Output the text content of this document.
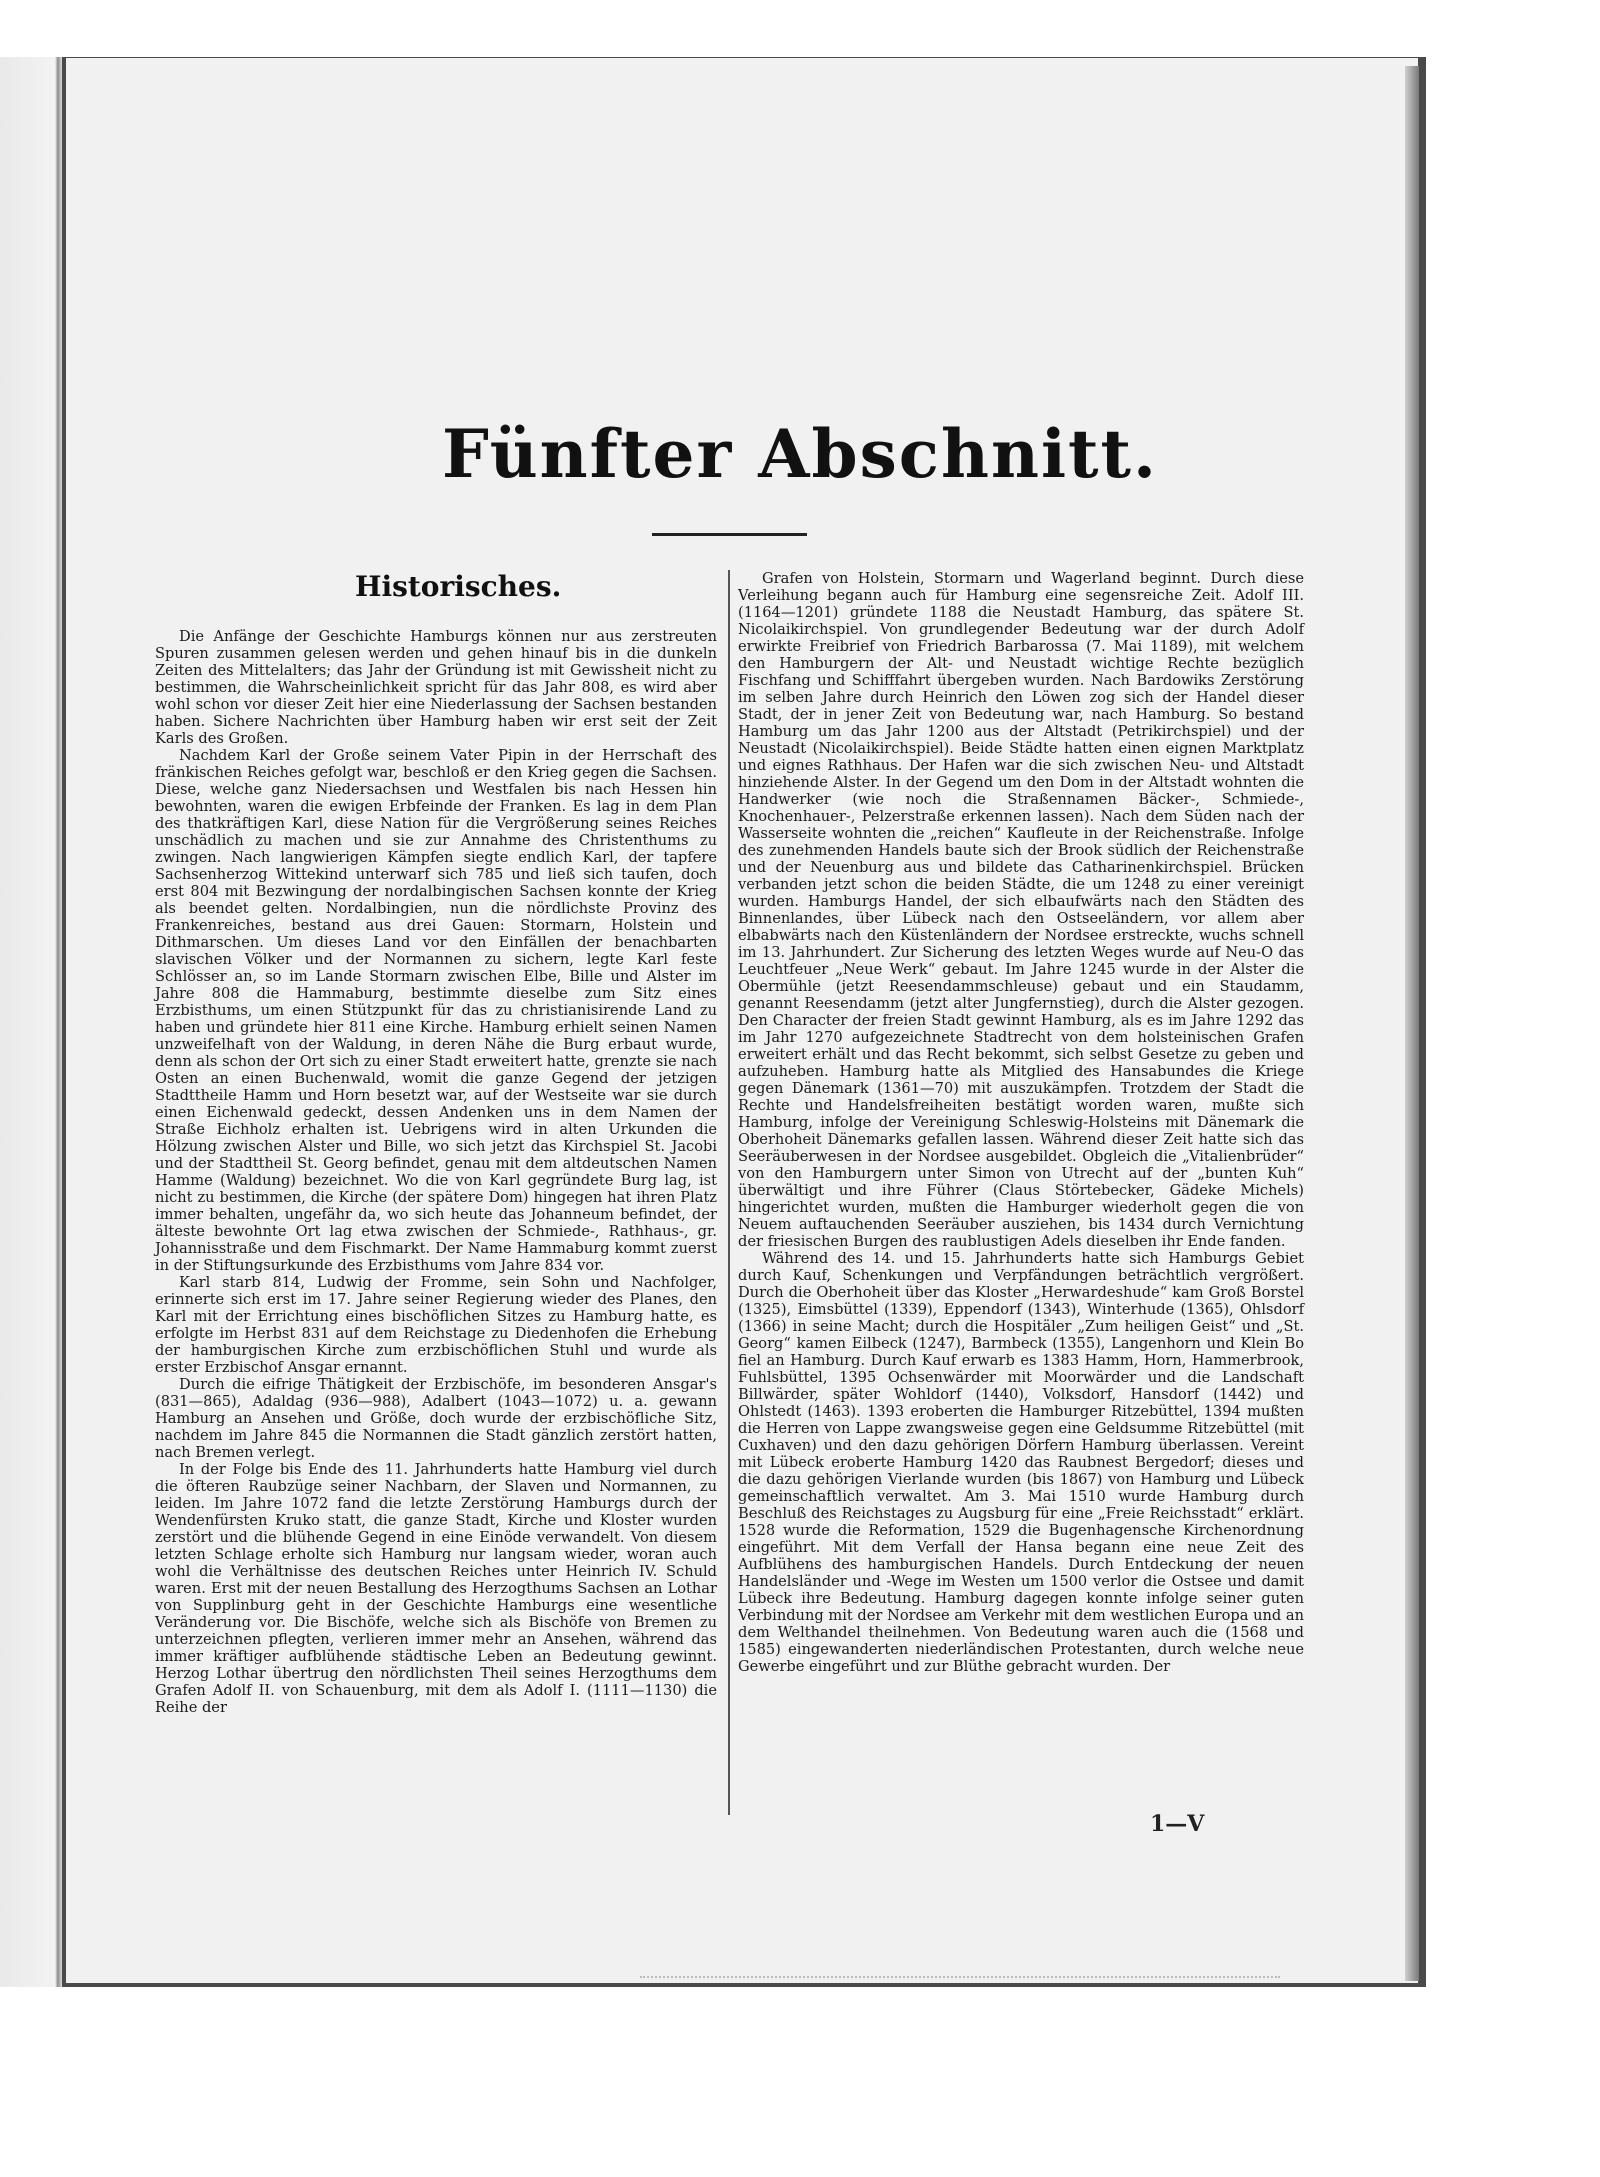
Fünfter Abschnitt.
Historisches.

Die Anfänge der Geschichte Hamburgs können nur aus zerstreuten Spuren zusammen gelesen werden und gehen hinauf bis in die dunkeln Zeiten des Mittelalters; das Jahr der Gründung ist mit Gewissheit nicht zu bestimmen, die Wahrscheinlichkeit spricht für das Jahr 808, es wird aber wohl schon vor dieser Zeit hier eine Niederlassung der Sachsen bestanden haben. Sichere Nachrichten über Hamburg haben wir erst seit der Zeit Karls des Großen.

Nachdem Karl der Große seinem Vater Pipin in der Herrschaft des fränkischen Reiches gefolgt war, beschloß er den Krieg gegen die Sachsen. Diese, welche ganz Niedersachsen und Westfalen bis nach Hessen hin bewohnten, waren die ewigen Erbfeinde der Franken. Es lag in dem Plan des thatkräftigen Karl, diese Nation für die Vergrößerung seines Reiches unschädlich zu machen und sie zur Annahme des Christenthums zu zwingen. Nach langwierigen Kämpfen siegte endlich Karl, der tapfere Sachsenherzog Wittekind unterwarf sich 785 und ließ sich taufen, doch erst 804 mit Bezwingung der nordalbingischen Sachsen konnte der Krieg als beendet gelten. Nordalbingien, nun die nördlichste Provinz des Frankenreiches, bestand aus drei Gauen: Stormarn, Holstein und Dithmarschen. Um dieses Land vor den Einfällen der benachbarten slavischen Völker und der Normannen zu sichern, legte Karl feste Schlösser an, so im Lande Stormarn zwischen Elbe, Bille und Alster im Jahre 808 die Hammaburg, bestimmte dieselbe zum Sitz eines Erzbisthums, um einen Stützpunkt für das zu christianisirende Land zu haben und gründete hier 811 eine Kirche. Hamburg erhielt seinen Namen unzweifelhaft von der Waldung, in deren Nähe die Burg erbaut wurde, denn als schon der Ort sich zu einer Stadt erweitert hatte, grenzte sie nach Osten an einen Buchenwald, womit die ganze Gegend der jetzigen Stadttheile Hamm und Horn besetzt war, auf der Westseite war sie durch einen Eichenwald gedeckt, dessen Andenken uns in dem Namen der Straße Eichholz erhalten ist. Uebrigens wird in alten Urkunden die Hölzung zwischen Alster und Bille, wo sich jetzt das Kirchspiel St. Jacobi und der Stadttheil St. Georg befindet, genau mit dem altdeutschen Namen Hamme (Waldung) bezeichnet. Wo die von Karl gegründete Burg lag, ist nicht zu bestimmen, die Kirche (der spätere Dom) hingegen hat ihren Platz immer behalten, ungefähr da, wo sich heute das Johanneum befindet, der älteste bewohnte Ort lag etwa zwischen der Schmiede-, Rathhaus-, gr. Johannisstraße und dem Fischmarkt. Der Name Hammaburg kommt zuerst in der Stiftungsurkunde des Erzbisthums vom Jahre 834 vor.

Karl starb 814, Ludwig der Fromme, sein Sohn und Nachfolger, erinnerte sich erst im 17. Jahre seiner Regierung wieder des Planes, den Karl mit der Errichtung eines bischöflichen Sitzes zu Hamburg hatte, es erfolgte im Herbst 831 auf dem Reichstage zu Diedenhofen die Erhebung der hamburgischen Kirche zum erzbischöflichen Stuhl und wurde als erster Erzbischof Ansgar ernannt.

Durch die eifrige Thätigkeit der Erzbischöfe, im besonderen Ansgar's (831—865), Adaldag (936—988), Adalbert (1043—1072) u. a. gewann Hamburg an Ansehen und Größe, doch wurde der erzbischöfliche Sitz, nachdem im Jahre 845 die Normannen die Stadt gänzlich zerstört hatten, nach Bremen verlegt.

In der Folge bis Ende des 11. Jahrhunderts hatte Hamburg viel durch die öfteren Raubzüge seiner Nachbarn, der Slaven und Normannen, zu leiden. Im Jahre 1072 fand die letzte Zerstörung Hamburgs durch der Wendenfürsten Kruko statt, die ganze Stadt, Kirche und Kloster wurden zerstört und die blühende Gegend in eine Einöde verwandelt. Von diesem letzten Schlage erholte sich Hamburg nur langsam wieder, woran auch wohl die Verhältnisse des deutschen Reiches unter Heinrich IV. Schuld waren. Erst mit der neuen Bestallung des Herzogthums Sachsen an Lothar von Supplinburg geht in der Geschichte Hamburgs eine wesentliche Veränderung vor. Die Bischöfe, welche sich als Bischöfe von Bremen zu unterzeichnen pflegten, verlieren immer mehr an Ansehen, während das immer kräftiger aufblühende städtische Leben an Bedeutung gewinnt. Herzog Lothar übertrug den nördlichsten Theil seines Herzogthums dem Grafen Adolf II. von Schauenburg, mit dem als Adolf I. (1111—1130) die Reihe der

Grafen von Holstein, Stormarn und Wagerland beginnt. Durch diese Verleihung begann auch für Hamburg eine segensreiche Zeit. Adolf III. (1164—1201) gründete 1188 die Neustadt Hamburg, das spätere St. Nicolaikirchspiel. Von grundlegender Bedeutung war der durch Adolf erwirkte Freibrief von Friedrich Barbarossa (7. Mai 1189), mit welchem den Hamburgern der Alt- und Neustadt wichtige Rechte bezüglich Fischfang und Schifffahrt übergeben wurden. Nach Bardowiks Zerstörung im selben Jahre durch Heinrich den Löwen zog sich der Handel dieser Stadt, der in jener Zeit von Bedeutung war, nach Hamburg. So bestand Hamburg um das Jahr 1200 aus der Altstadt (Petrikirchspiel) und der Neustadt (Nicolaikirchspiel). Beide Städte hatten einen eignen Marktplatz und eignes Rathhaus. Der Hafen war die sich zwischen Neu- und Altstadt hinziehende Alster. In der Gegend um den Dom in der Altstadt wohnten die Handwerker (wie noch die Straßennamen Bäcker-, Schmiede-, Knochenhauer-, Pelzerstraße erkennen lassen). Nach dem Süden nach der Wasserseite wohnten die „reichen“ Kaufleute in der Reichenstraße. Infolge des zunehmenden Handels baute sich der Brook südlich der Reichenstraße und der Neuenburg aus und bildete das Catharinenkirchspiel. Brücken verbanden jetzt schon die beiden Städte, die um 1248 zu einer vereinigt wurden. Hamburgs Handel, der sich elbaufwärts nach den Städten des Binnenlandes, über Lübeck nach den Ostseeländern, vor allem aber elbabwärts nach den Küstenländern der Nordsee erstreckte, wuchs schnell im 13. Jahrhundert. Zur Sicherung des letzten Weges wurde auf Neu-O das Leuchtfeuer „Neue Werk“ gebaut. Im Jahre 1245 wurde in der Alster die Obermühle (jetzt Reesendammschleuse) gebaut und ein Staudamm, genannt Reesendamm (jetzt alter Jungfernstieg), durch die Alster gezogen. Den Character der freien Stadt gewinnt Hamburg, als es im Jahre 1292 das im Jahr 1270 aufgezeichnete Stadtrecht von dem holsteinischen Grafen erweitert erhält und das Recht bekommt, sich selbst Gesetze zu geben und aufzuheben. Hamburg hatte als Mitglied des Hansabundes die Kriege gegen Dänemark (1361—70) mit auszukämpfen. Trotzdem der Stadt die Rechte und Handelsfreiheiten bestätigt worden waren, mußte sich Hamburg, infolge der Vereinigung Schleswig-Holsteins mit Dänemark die Oberhoheit Dänemarks gefallen lassen. Während dieser Zeit hatte sich das Seeräuberwesen in der Nordsee ausgebildet. Obgleich die „Vitalienbrüder“ von den Hamburgern unter Simon von Utrecht auf der „bunten Kuh“ überwältigt und ihre Führer (Claus Störtebecker, Gädeke Michels) hingerichtet wurden, mußten die Hamburger wiederholt gegen die von Neuem auftauchenden Seeräuber ausziehen, bis 1434 durch Vernichtung der friesischen Burgen des raublustigen Adels dieselben ihr Ende fanden.

Während des 14. und 15. Jahrhunderts hatte sich Hamburgs Gebiet durch Kauf, Schenkungen und Verpfändungen beträchtlich vergrößert. Durch die Oberhoheit über das Kloster „Herwardeshude“ kam Groß Borstel (1325), Eimsbüttel (1339), Eppendorf (1343), Winterhude (1365), Ohlsdorf (1366) in seine Macht; durch die Hospitäler „Zum heiligen Geist“ und „St. Georg“ kamen Eilbeck (1247), Barmbeck (1355), Langenhorn und Klein Bo fiel an Hamburg. Durch Kauf erwarb es 1383 Hamm, Horn, Hammerbrook, Fuhlsbüttel, 1395 Ochsenwärder mit Moorwärder und die Landschaft Billwärder, später Wohldorf (1440), Volksdorf, Hansdorf (1442) und Ohlstedt (1463). 1393 eroberten die Hamburger Ritzebüttel, 1394 mußten die Herren von Lappe zwangsweise gegen eine Geldsumme Ritzebüttel (mit Cuxhaven) und den dazu gehörigen Dörfern Hamburg überlassen. Vereint mit Lübeck eroberte Hamburg 1420 das Raubnest Bergedorf; dieses und die dazu gehörigen Vierlande wurden (bis 1867) von Hamburg und Lübeck gemeinschaftlich verwaltet. Am 3. Mai 1510 wurde Hamburg durch Beschluß des Reichstages zu Augsburg für eine „Freie Reichsstadt“ erklärt. 1528 wurde die Reformation, 1529 die Bugenhagensche Kirchenordnung eingeführt. Mit dem Verfall der Hansa begann eine neue Zeit des Aufblühens des hamburgischen Handels. Durch Entdeckung der neuen Handelsländer und -Wege im Westen um 1500 verlor die Ostsee und damit Lübeck ihre Bedeutung. Hamburg dagegen konnte infolge seiner guten Verbindung mit der Nordsee am Verkehr mit dem westlichen Europa und an dem Welthandel theilnehmen. Von Bedeutung waren auch die (1568 und 1585) eingewanderten niederländischen Protestanten, durch welche neue Gewerbe eingeführt und zur Blüthe gebracht wurden. Der

1—V
